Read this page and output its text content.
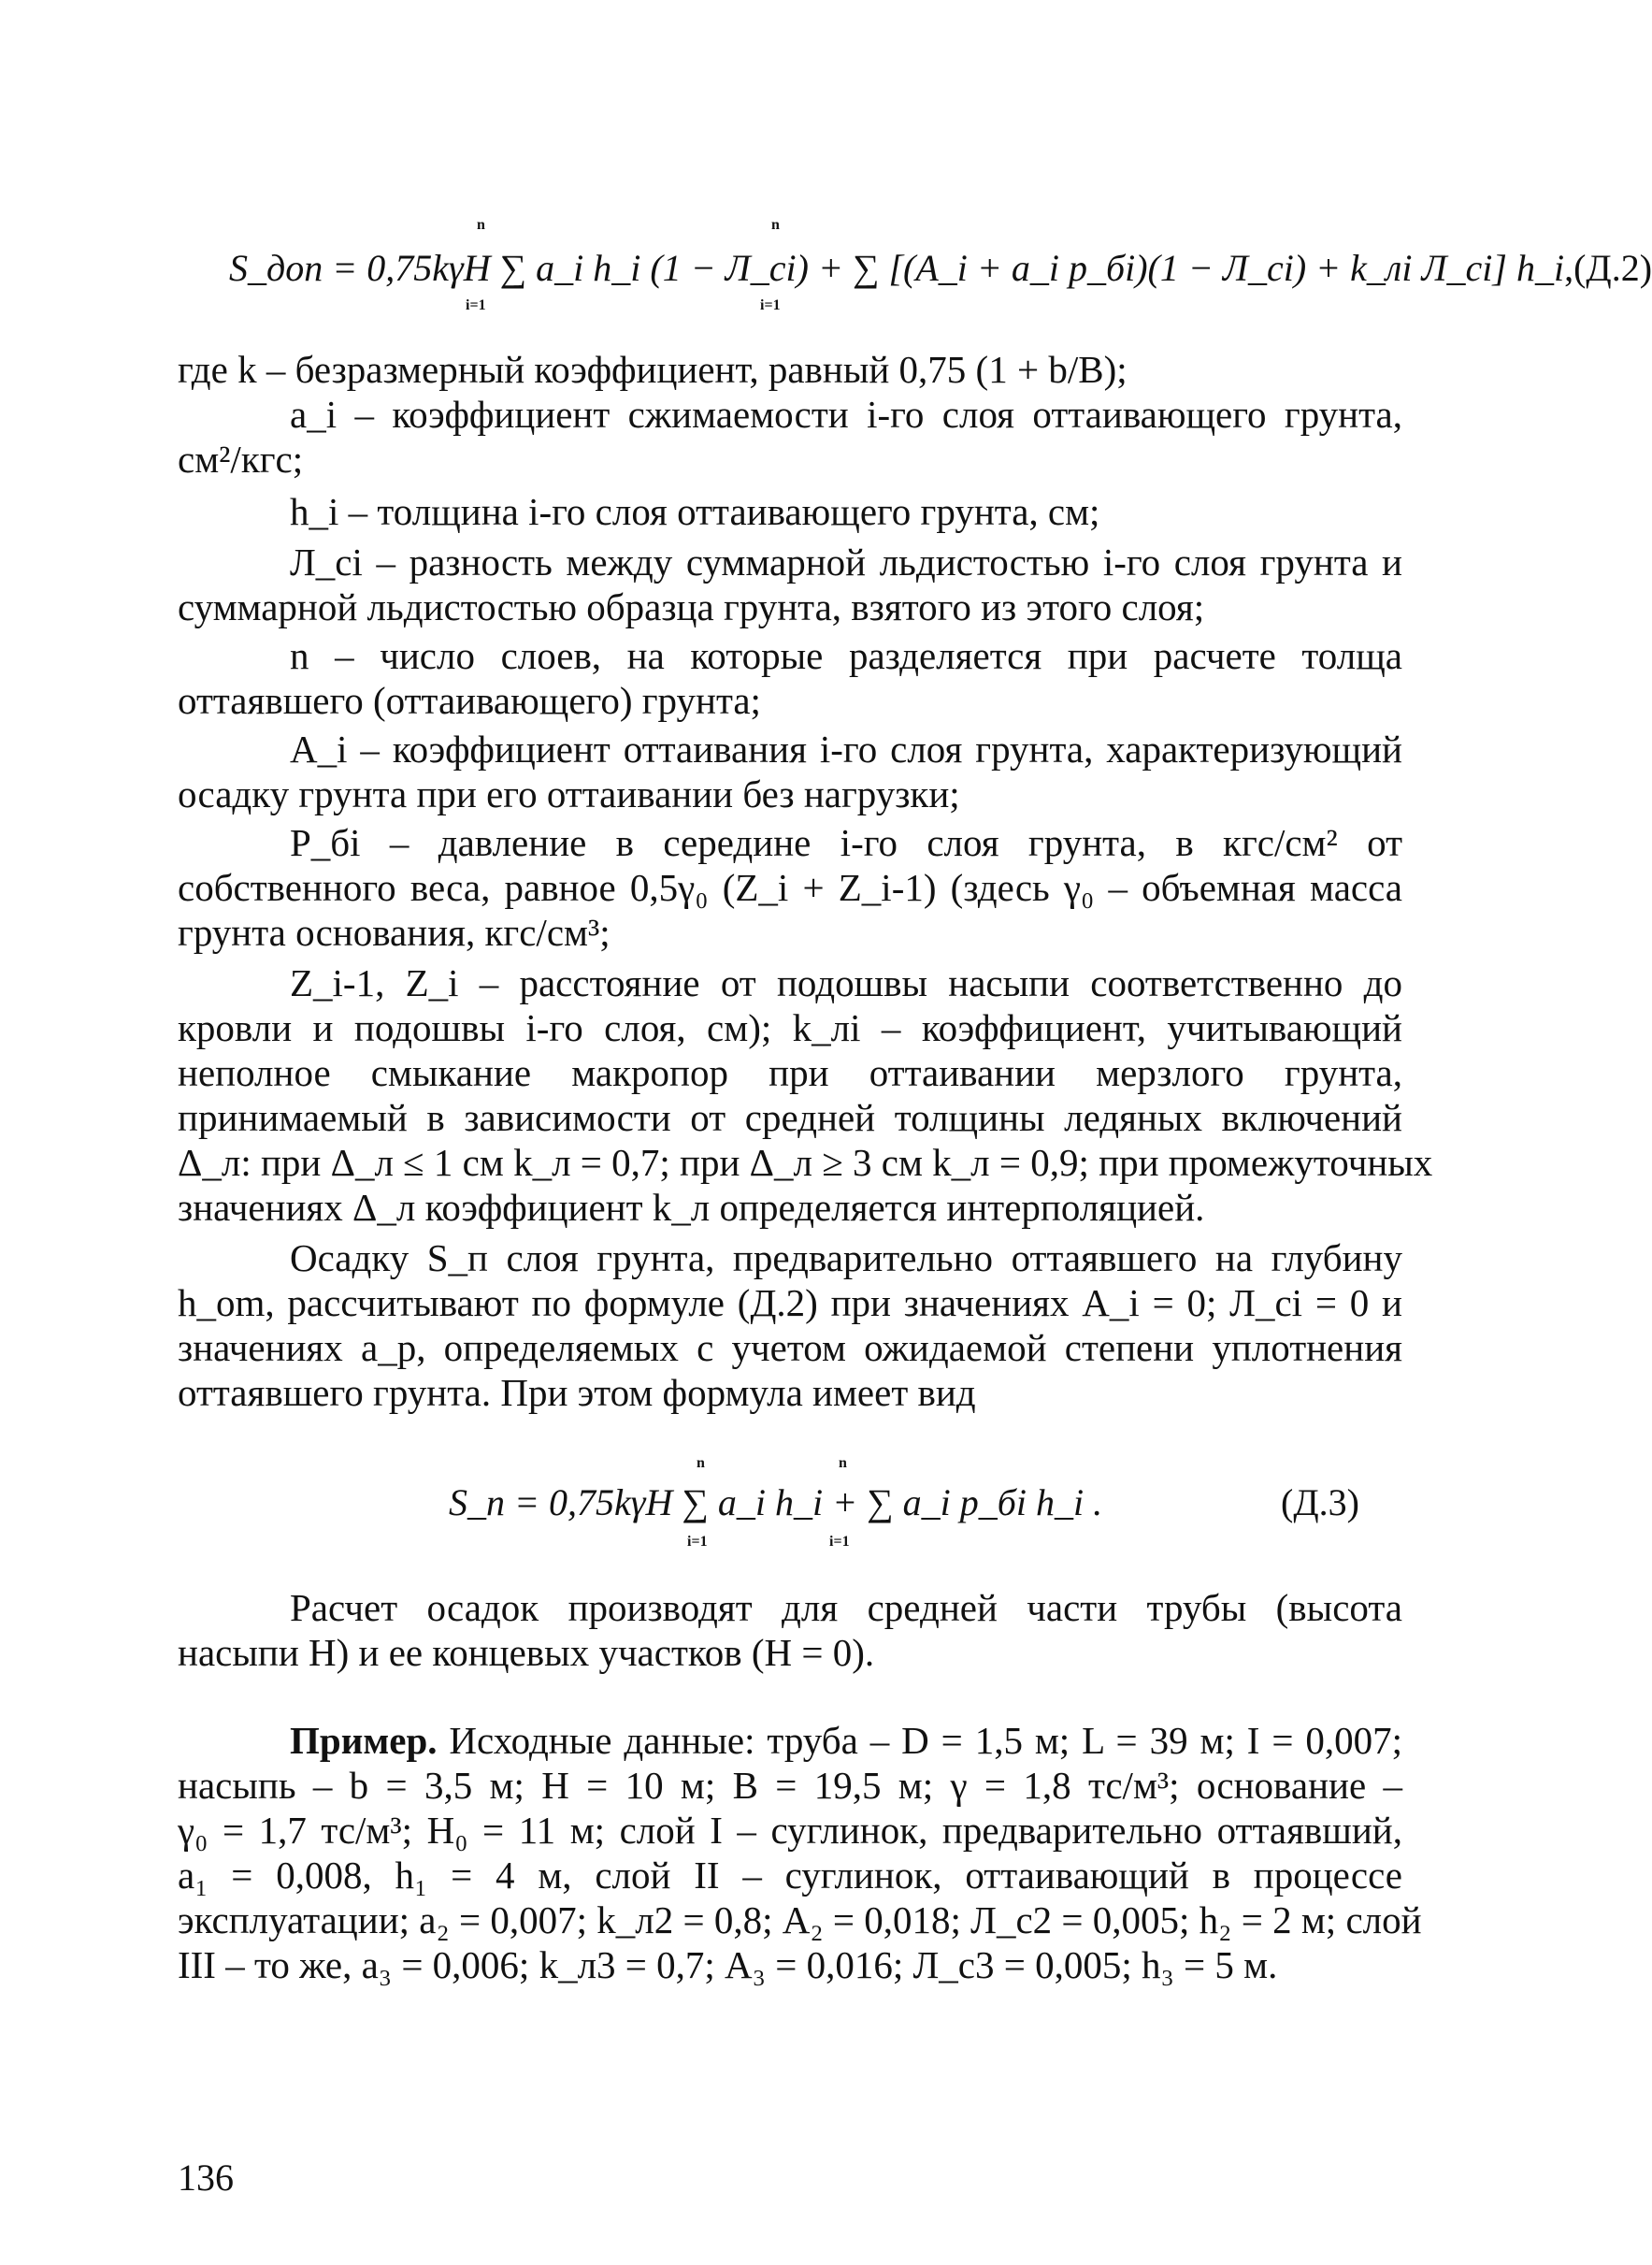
S_доп = 0,75kγH ∑ a_i h_i (1 − Л_ci) + ∑ [(A_i + a_i p_бi)(1 − Л_ci) + k_лi Л_ci] h_i,(Д.2)
n
i=1
n
i=1
где k – безразмерный коэффициент, равный 0,75 (1 + b/B);
a_i – коэффициент сжимаемости i-го слоя оттаивающего грунта,
см²/кгс;
h_i – толщина i-го слоя оттаивающего грунта, см;
Л_ci – разность между суммарной льдистостью i-го слоя грунта и
суммарной льдистостью образца грунта, взятого из этого слоя;
n – число слоев, на которые разделяется при расчете толща
оттаявшего (оттаивающего) грунта;
A_i – коэффициент оттаивания i-го слоя грунта, характеризующий
осадку грунта при его оттаивании без нагрузки;
P_бi – давление в середине i-го слоя грунта, в кгс/см² от
собственного веса, равное 0,5γ₀ (Z_i + Z_i-1) (здесь γ₀ – объемная масса
грунта основания, кгс/см³;
Z_i-1, Z_i – расстояние от подошвы насыпи соответственно до
кровли и подошвы i-го слоя, см); k_лi – коэффициент, учитывающий
неполное смыкание макропор при оттаивании мерзлого грунта,
принимаемый в зависимости от средней толщины ледяных включений
Δ_л: при Δ_л ≤ 1 см k_л = 0,7; при Δ_л ≥ 3 см k_л = 0,9; при промежуточных
значениях Δ_л коэффициент k_л определяется интерполяцией.
Осадку S_п слоя грунта, предварительно оттаявшего на глубину
h_om, рассчитывают по формуле (Д.2) при значениях A_i = 0; Л_ci = 0 и
значениях a_p, определяемых с учетом ожидаемой степени уплотнения
оттаявшего грунта. При этом формула имеет вид
S_п = 0,75kγH ∑ a_i h_i + ∑ a_i p_бi h_i .	(Д.3)
n
i=1
n
i=1
Расчет осадок производят для средней части трубы (высота
насыпи H) и ее концевых участков (H = 0).
Пример. Исходные данные: труба – D = 1,5 м; L = 39 м; I = 0,007;
насыпь – b = 3,5 м; H = 10 м; B = 19,5 м; γ = 1,8 тс/м³; основание –
γ₀ = 1,7 тс/м³; H₀ = 11 м; слой I – суглинок, предварительно оттаявший,
a₁ = 0,008, h₁ = 4 м, слой II – суглинок, оттаивающий в процессе
эксплуатации; a₂ = 0,007; k_л2 = 0,8; A₂ = 0,018; Л_c2 = 0,005; h₂ = 2 м; слой
III – то же, a₃ = 0,006; k_л3 = 0,7; A₃ = 0,016; Л_c3 = 0,005; h₃ = 5 м.
136
